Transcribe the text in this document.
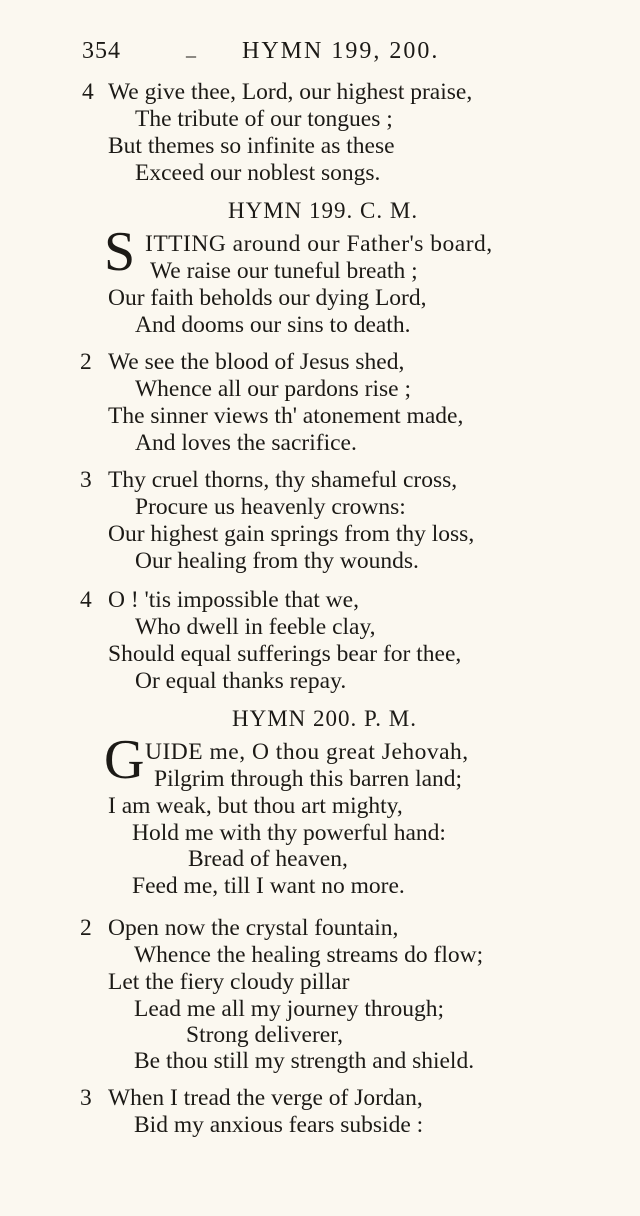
354	_ HYMN 199, 200.
4 We give thee, Lord, our highest praise,
The tribute of our tongues ;
But themes so infinite as these
Exceed our noblest songs.
HYMN 199. C. M.
S ITTING around our Father's board,
We raise our tuneful breath ;
Our faith beholds our dying Lord,
And dooms our sins to death.
2 We see the blood of Jesus shed,
Whence all our pardons rise ;
The sinner views th' atonement made,
And loves the sacrifice.
3 Thy cruel thorns, thy shameful cross,
Procure us heavenly crowns:
Our highest gain springs from thy loss,
Our healing from thy wounds.
4 O ! 'tis impossible that we,
Who dwell in feeble clay,
Should equal sufferings bear for thee,
Or equal thanks repay.
HYMN 200. P. M.
G UIDE me, O thou great Jehovah,
Pilgrim through this barren land;
I am weak, but thou art mighty,
Hold me with thy powerful hand:
Bread of heaven,
Feed me, till I want no more.
2 Open now the crystal fountain,
Whence the healing streams do flow;
Let the fiery cloudy pillar
Lead me all my journey through;
Strong deliverer,
Be thou still my strength and shield.
3 When I tread the verge of Jordan,
Bid my anxious fears subside :
